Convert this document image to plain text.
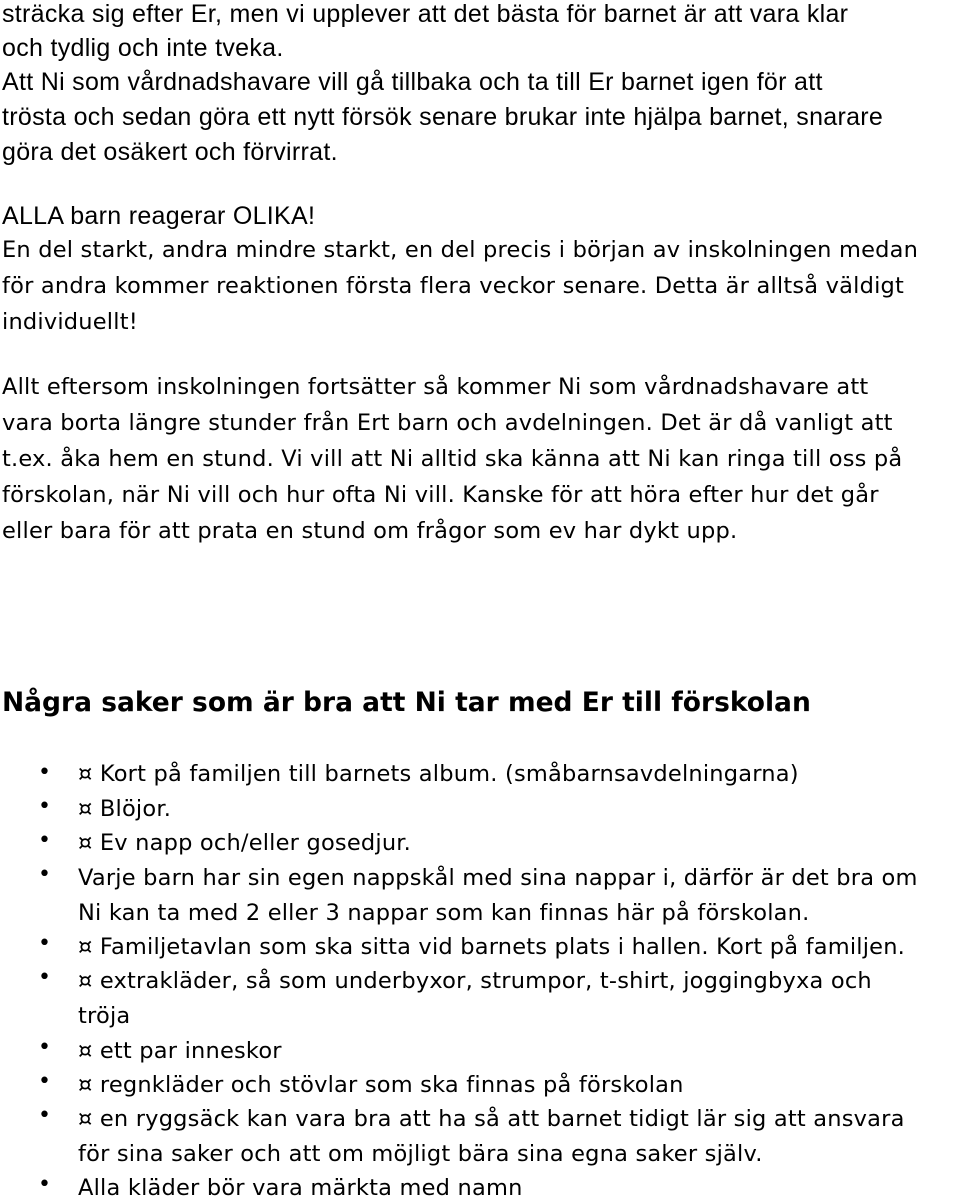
sträcka sig efter Er, men vi upplever att det bästa för barnet är att vara klar
och tydlig och inte tveka.
Att Ni som vårdnadshavare vill gå tillbaka och ta till Er barnet igen för att
trösta och sedan göra ett nytt försök senare brukar inte hjälpa barnet, snarare
göra det osäkert och förvirrat.
ALLA barn reagerar OLIKA!
En del starkt, andra mindre starkt, en del precis i början av inskolningen medan
för andra kommer reaktionen första flera veckor senare. Detta är alltså väldigt
individuellt!
Allt eftersom inskolningen fortsätter så kommer Ni som vårdnadshavare att
vara borta längre stunder från Ert barn och avdelningen. Det är då vanligt att
t.ex. åka hem en stund. Vi vill att Ni alltid ska känna att Ni kan ringa till oss på
förskolan, när Ni vill och hur ofta Ni vill. Kanske för att höra efter hur det går
eller bara för att prata en stund om frågor som ev har dykt upp.
Några saker som är bra att Ni tar med Er till förskolan
•
•
•
•
•
•
•
•
•
•
¤ Kort på familjen till barnets album. (småbarnsavdelningarna)
¤ Blöjor.
¤ Ev napp och/eller gosedjur.
Varje barn har sin egen nappskål med sina nappar i, därför är det bra om
Ni kan ta med 2 eller 3 nappar som kan finnas här på förskolan.
¤ Familjetavlan som ska sitta vid barnets plats i hallen. Kort på familjen.
¤ extrakläder, så som underbyxor, strumpor, t-shirt, joggingbyxa och
tröja
¤ ett par inneskor
¤ regnkläder och stövlar som ska finnas på förskolan
¤ en ryggsäck kan vara bra att ha så att barnet tidigt lär sig att ansvara
för sina saker och att om möjligt bära sina egna saker själv.
Alla kläder bör vara märkta med namn
